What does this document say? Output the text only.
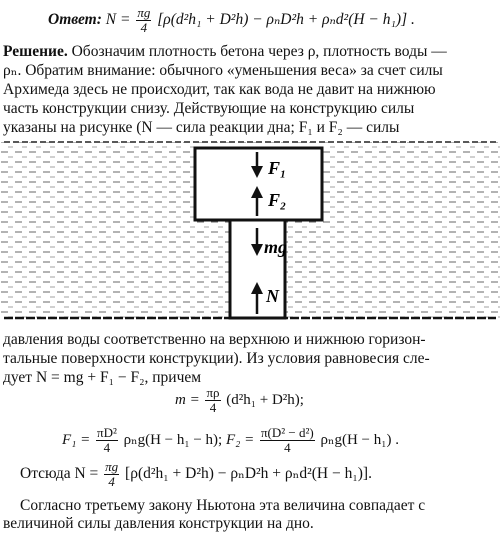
Ответ: $N = \frac{\pi g}{4} [\rho(d^2h_1 + D^2h) - \rho_nD^2h + \rho_nd^2(H - h_1)]$ .
Решение. Обозначим плотность бетона через ρ, плотность воды —
ρₙ. Обратим внимание: обычного «уменьшения веса» за счет силы
Архимеда здесь не происходит, так как вода не давит на нижнюю
часть конструкции снизу. Действующие на конструкцию силы
указаны на рисунке (N — сила реакции дна; F₁ и F₂ — силы
F₁
F₂
mg
N
давления воды соответственно на верхнюю и нижнюю горизон-
тальные поверхности конструкции). Из условия равновесия сле-
дует N = mg + F₁ − F₂, причем
$m = \frac{\pi\rho}{4} (d^2h_1 + D^2h)$;
$F_1 = \frac{\text{πD²}}{4} \rho_ng(H - h_1 - h)$; $F_2 = \frac{\text{π(D² − d²)}}{4} \rho_ng(H - h_1)$ .
Отсюда $N = \frac{\pi g}{4} [\rho(d^2h_1 + D^2h) - \rho_nD^2h + \rho_nd^2(H - h_1)]$.
Согласно третьему закону Ньютона эта величина совпадает с
величиной силы давления конструкции на дно.
